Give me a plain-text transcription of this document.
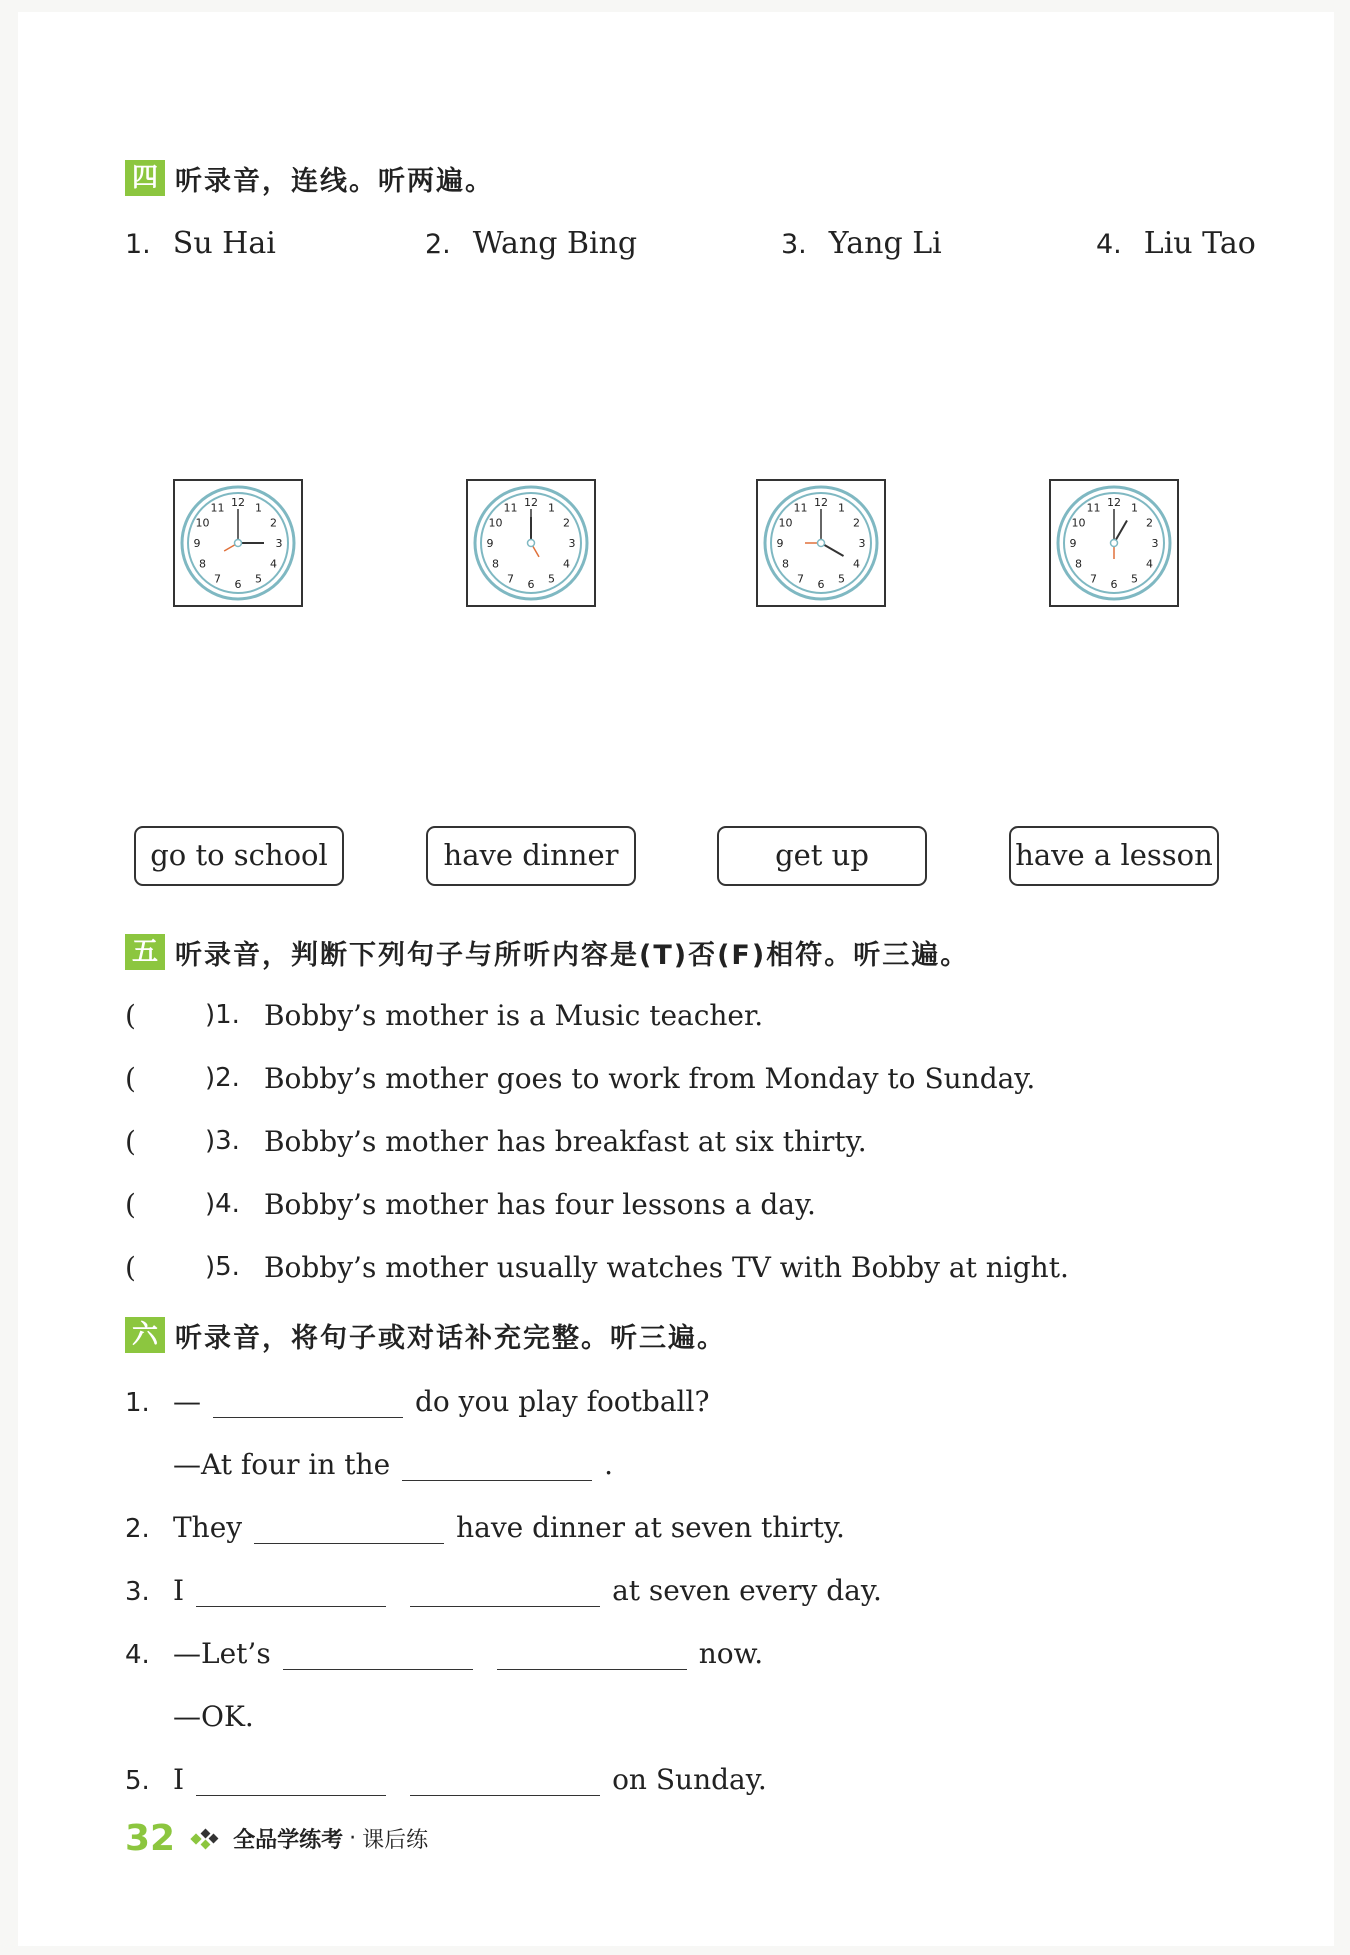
四 听录音，连线。听两遍。
1. Su Hai	2. Wang Bing	3. Yang Li	4. Liu Tao
1
2
3
4
5
6
7
8
9
10
11 12	1
2
3
4
5
6
7
8
9
10
11 12	1
2
3
4
5
6
7
8
9
10
11 12	1
2
3
4
5
6
7
8
9
10
11 12
go to school	have dinner	get up	have a lesson
五 听录音，判断下列句子与所听内容是(T)否(F)相符。听三遍。
(	)1. Bobby’s mother is a Music teacher.
(	)2. Bobby’s mother goes to work from Monday to Sunday.
(	)3. Bobby’s mother has breakfast at six thirty.
(	)4. Bobby’s mother has four lessons a day.
(	)5. Bobby’s mother usually watches TV with Bobby at night.
六 听录音，将句子或对话补充完整。听三遍。
1. —	do you play football?
—At four in the	.
2. They	have dinner at seven thirty.
3. I	at seven every day.
4. —Let’s	now.
—OK.
5. I	on Sunday.
32	全品学练考 · 课后练
